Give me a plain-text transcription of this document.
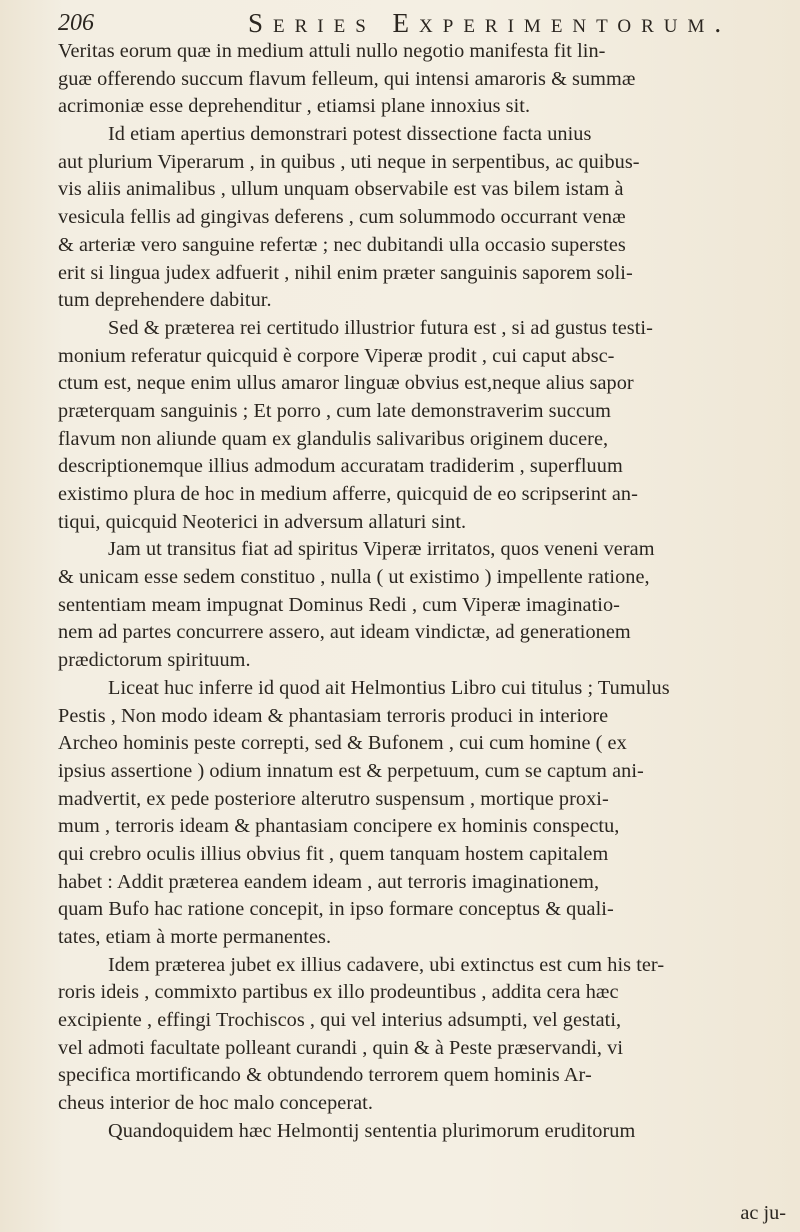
206	Series Experimentorum.
Veritas eorum quæ in medium attuli nullo negotio manifesta fit lin-
guæ offerendo succum flavum felleum, qui intensi amaroris & summæ
acrimoniæ esse deprehenditur , etiamsi plane innoxius sit.
Id etiam apertius demonstrari potest dissectione facta unius
aut plurium Viperarum , in quibus , uti neque in serpentibus, ac quibus-
vis aliis animalibus , ullum unquam observabile est vas bilem istam à
vesicula fellis ad gingivas deferens , cum solummodo occurrant venæ
& arteriæ vero sanguine refertæ ; nec dubitandi ulla occasio superstes
erit si lingua judex adfuerit , nihil enim præter sanguinis saporem soli-
tum deprehendere dabitur.
Sed & præterea rei certitudo illustrior futura est , si ad gustus testi-
monium referatur quicquid è corpore Viperæ prodit , cui caput absc-
ctum est, neque enim ullus amaror linguæ obvius est,neque alius sapor
præterquam sanguinis ; Et porro , cum late demonstraverim succum
flavum non aliunde quam ex glandulis salivaribus originem ducere,
descriptionemque illius admodum accuratam tradiderim , superfluum
existimo plura de hoc in medium afferre, quicquid de eo scripserint an-
tiqui, quicquid Neoterici in adversum allaturi sint.
Jam ut transitus fiat ad spiritus Viperæ irritatos, quos veneni veram
& unicam esse sedem constituo , nulla ( ut existimo ) impellente ratione,
sententiam meam impugnat Dominus Redi , cum Viperæ imaginatio-
nem ad partes concurrere assero, aut ideam vindictæ, ad generationem
prædictorum spirituum.
Liceat huc inferre id quod ait Helmontius Libro cui titulus ; Tumulus
Pestis , Non modo ideam & phantasiam terroris produci in interiore
Archeo hominis peste correpti, sed & Bufonem , cui cum homine ( ex
ipsius assertione ) odium innatum est & perpetuum, cum se captum ani-
madvertit, ex pede posteriore alterutro suspensum , mortique proxi-
mum , terroris ideam & phantasiam concipere ex hominis conspectu,
qui crebro oculis illius obvius fit , quem tanquam hostem capitalem
habet : Addit præterea eandem ideam , aut terroris imaginationem,
quam Bufo hac ratione concepit, in ipso formare conceptus & quali-
tates, etiam à morte permanentes.
Idem præterea jubet ex illius cadavere, ubi extinctus est cum his ter-
roris ideis , commixto partibus ex illo prodeuntibus , addita cera hæc
excipiente , effingi Trochiscos , qui vel interius adsumpti, vel gestati,
vel admoti facultate polleant curandi , quin & à Peste præservandi, vi
specifica mortificando & obtundendo terrorem quem hominis Ar-
cheus interior de hoc malo conceperat.
Quandoquidem hæc Helmontij sententia plurimorum eruditorum
ac ju-
